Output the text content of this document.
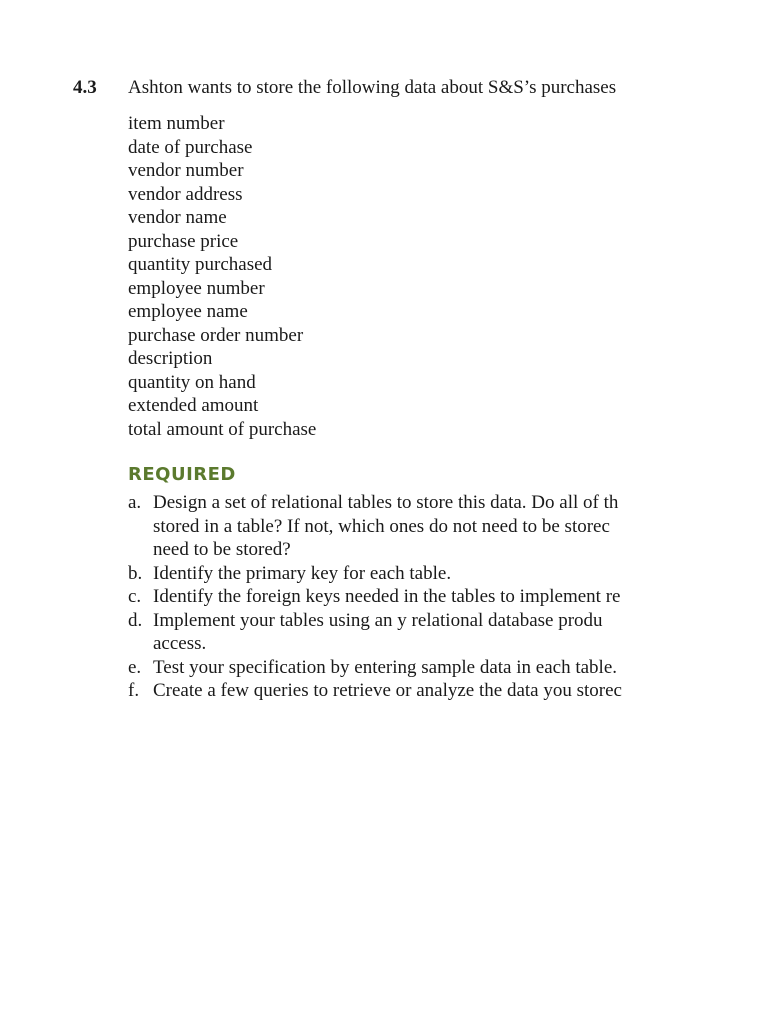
4.3 Ashton wants to store the following data about S&S’s purchases
item number
date of purchase
vendor number
vendor address
vendor name
purchase price
quantity purchased
employee number
employee name
purchase order number
description
quantity on hand
extended amount
total amount of purchase
REQUIRED
a. Design a set of relational tables to store this data. Do all of th
stored in a table? If not, which ones do not need to be storec
need to be stored?
b. Identify the primary key for each table.
c. Identify the foreign keys needed in the tables to implement re
d. Implement your tables using an y relational database produ
access.
e. Test your specification by entering sample data in each table.
f. Create a few queries to retrieve or analyze the data you storec
